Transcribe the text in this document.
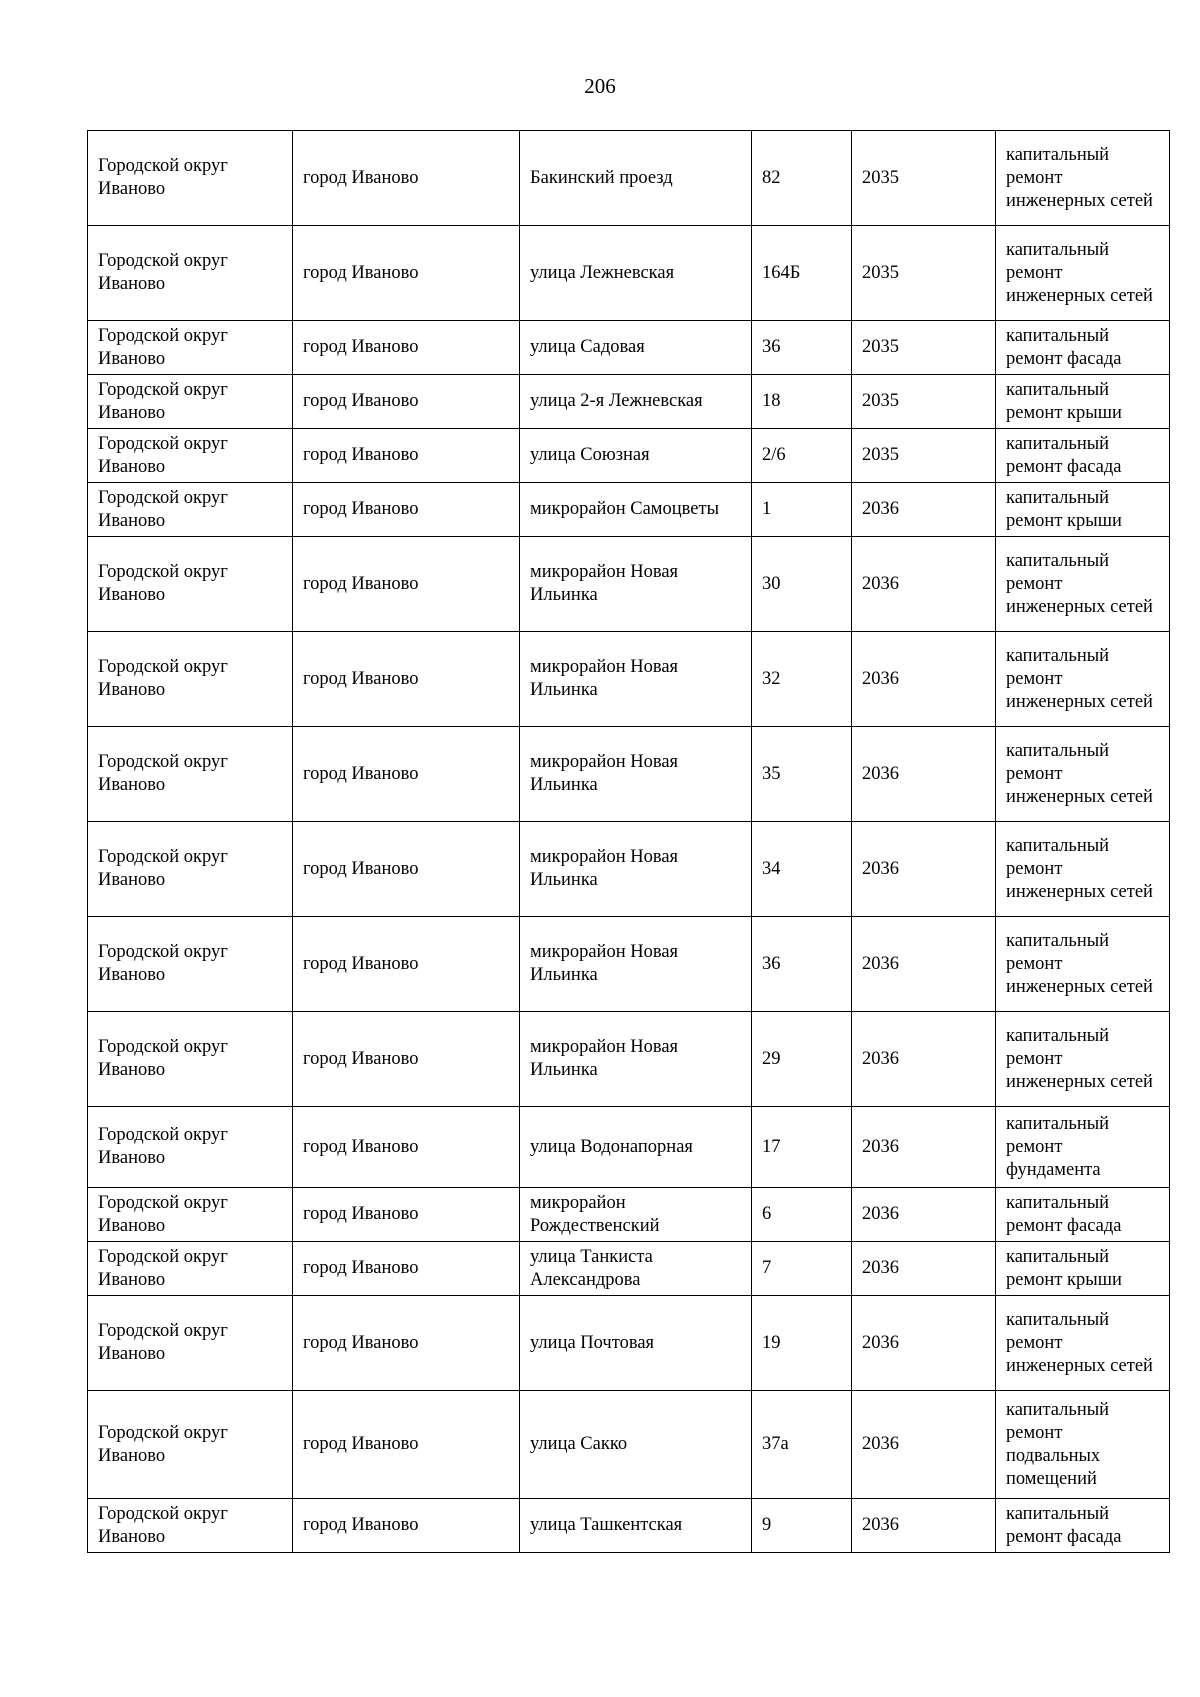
206
Городской округ Иваново	город Иваново	Бакинский проезд	82	2035	капитальный ремонт инженерных сетей
Городской округ Иваново	город Иваново	улица Лежневская	164Б	2035	капитальный ремонт инженерных сетей
Городской округ Иваново	город Иваново	улица Садовая	36	2035	капитальный ремонт фасада
Городской округ Иваново	город Иваново	улица 2-я Лежневская	18	2035	капитальный ремонт крыши
Городской округ Иваново	город Иваново	улица Союзная	2/6	2035	капитальный ремонт фасада
Городской округ Иваново	город Иваново	микрорайон Самоцветы	1	2036	капитальный ремонт крыши
Городской округ Иваново	город Иваново	микрорайон Новая Ильинка	30	2036	капитальный ремонт инженерных сетей
Городской округ Иваново	город Иваново	микрорайон Новая Ильинка	32	2036	капитальный ремонт инженерных сетей
Городской округ Иваново	город Иваново	микрорайон Новая Ильинка	35	2036	капитальный ремонт инженерных сетей
Городской округ Иваново	город Иваново	микрорайон Новая Ильинка	34	2036	капитальный ремонт инженерных сетей
Городской округ Иваново	город Иваново	микрорайон Новая Ильинка	36	2036	капитальный ремонт инженерных сетей
Городской округ Иваново	город Иваново	микрорайон Новая Ильинка	29	2036	капитальный ремонт инженерных сетей
Городской округ Иваново	город Иваново	улица Водонапорная	17	2036	капитальный ремонт фундамента
Городской округ Иваново	город Иваново	микрорайон Рождественский	6	2036	капитальный ремонт фасада
Городской округ Иваново	город Иваново	улица Танкиста Александрова	7	2036	капитальный ремонт крыши
Городской округ Иваново	город Иваново	улица Почтовая	19	2036	капитальный ремонт инженерных сетей
Городской округ Иваново	город Иваново	улица Сакко	37а	2036	капитальный ремонт подвальных помещений
Городской округ Иваново	город Иваново	улица Ташкентская	9	2036	капитальный ремонт фасада
